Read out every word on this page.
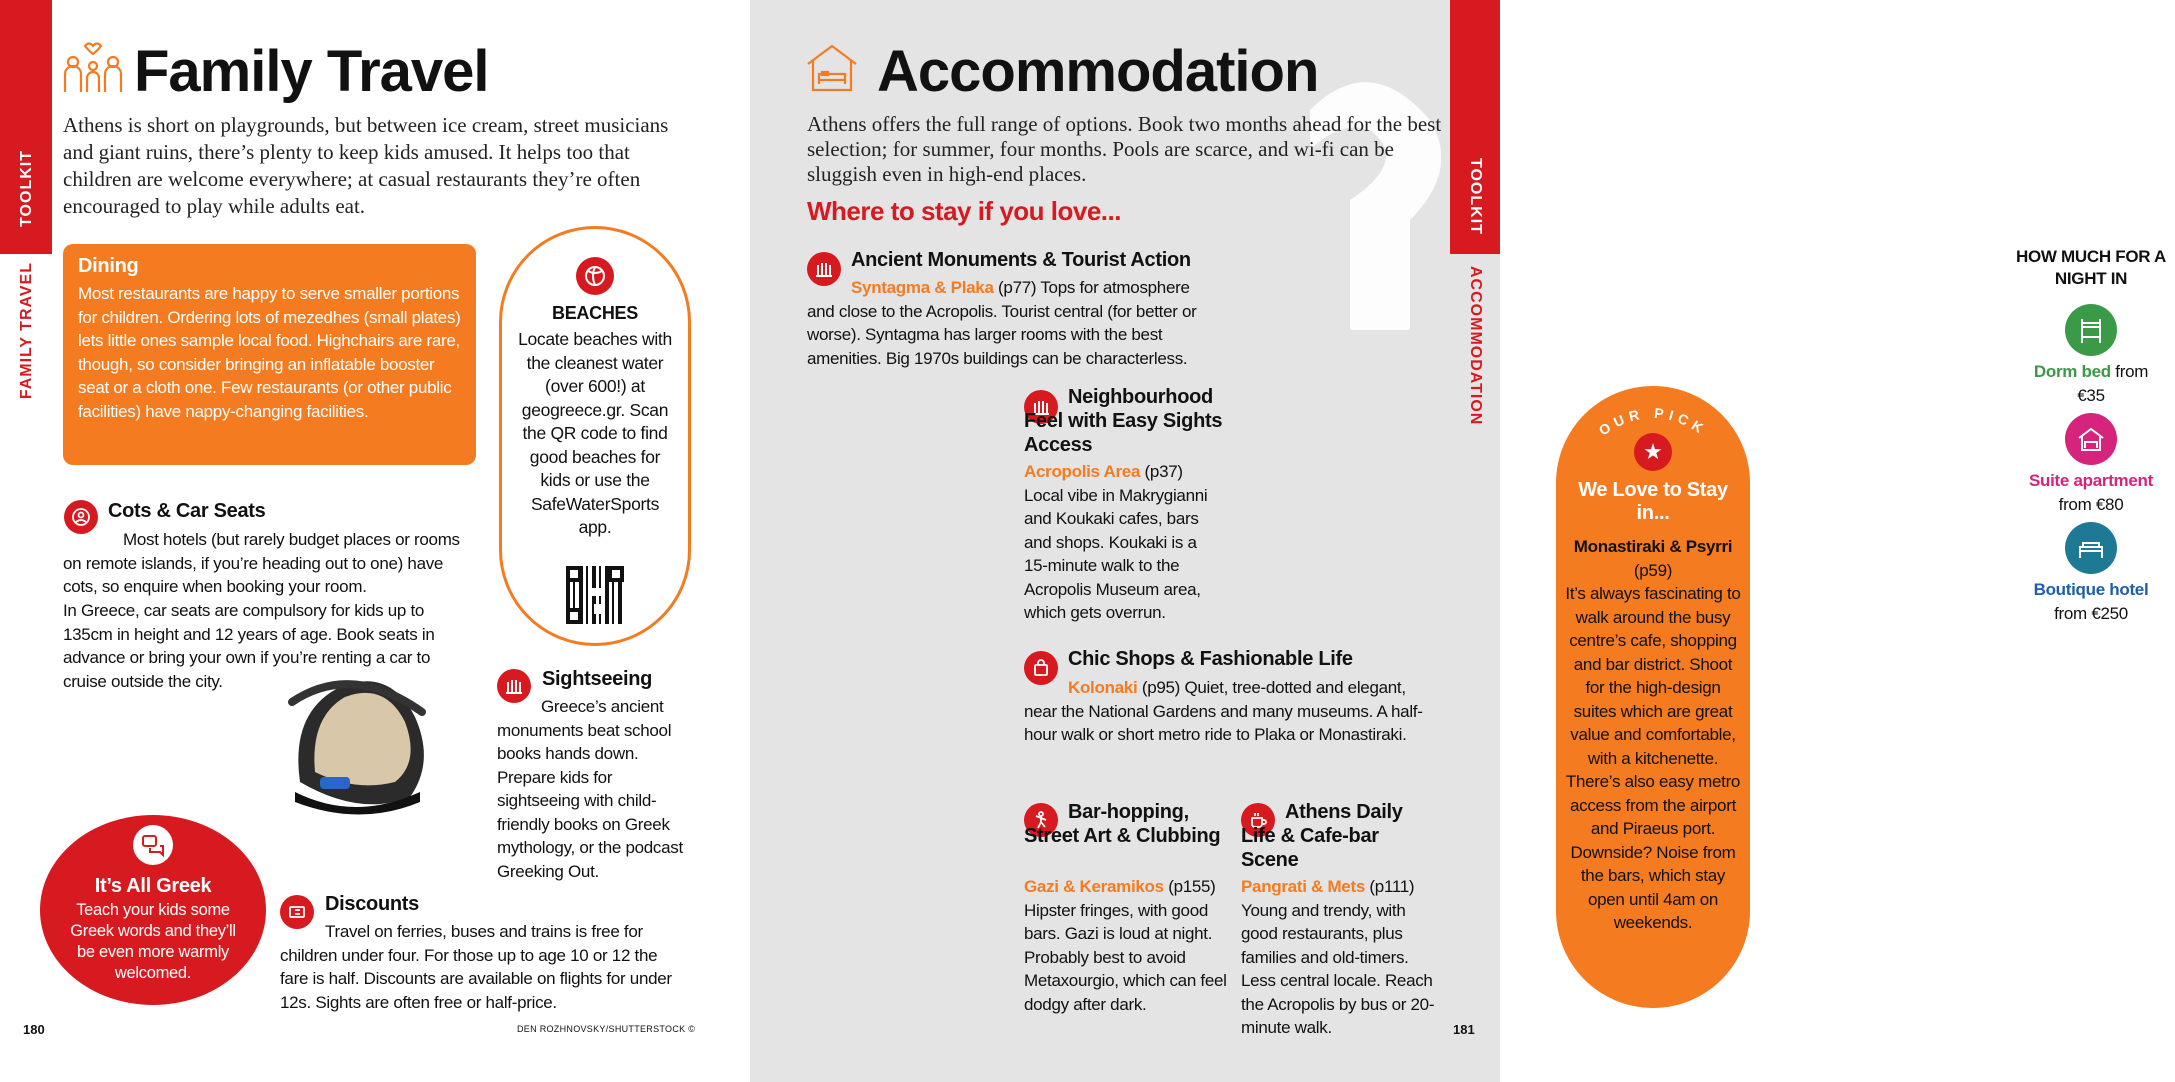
TOOLKIT
FAMILY TRAVEL
Family Travel

Athens is short on playgrounds, but between ice cream, street musicians and giant ruins, there’s plenty to keep kids amused. It helps too that children are welcome everywhere; at casual restaurants they’re often encouraged to play while adults eat.

Dining

Most restaurants are happy to serve smaller portions for children. Ordering lots of mezedhes (small plates) lets little ones sample local food. Highchairs are rare, though, so consider bringing an inflatable booster seat or a cloth one. Few restaurants (or other public facilities) have nappy-changing facilities.

BEACHES

Locate beaches with the cleanest water (over 600!) at geogreece.gr. Scan the QR code to find good beaches for kids or use the SafeWaterSports app.

Cots & Car Seats

Most hotels (but rarely budget places or rooms on remote islands, if you’re heading out to one) have cots, so enquire when booking your room.

In Greece, car seats are compulsory for kids up to 135cm in height and 12 years of age. Book seats in advance or bring your own if you’re renting a car to cruise outside the city.	Sightseeing

Greece’s ancient monuments beat school books hands down. Prepare kids for sightseeing with child-friendly books on Greek mythology, or the podcast Greeking Out.

It’s All Greek

Teach your kids some Greek words and they’ll be even more warmly welcomed.

Discounts

Travel on ferries, buses and trains is free for children under four. For those up to age 10 or 12 the fare is half. Discounts are available on flights for under 12s. Sights are often free or half-price.

180	DEN ROZHNOVSKY/SHUTTERSTOCK ©
TOOLKIT
ACCOMMODATION
Accommodation

Athens offers the full range of options. Book two months ahead for the best selection; for summer, four months. Pools are scarce, and wi-fi can be sluggish even in high-end places.

Where to stay if you love...
Ancient Monuments & Tourist Action

Syntagma & Plaka (p77) Tops for atmosphere and close to the Acropolis. Tourist central (for better or worse). Syntagma has larger rooms with the best amenities. Big 1970s buildings can be characterless.

OUR PICK
★
We Love to Stay in...

Monastiraki & Psyrri
(p59)
It’s always fascinating to walk around the busy centre’s cafe, shopping and bar district. Shoot for the high-design suites which are great value and comfortable, with a kitchenette. There’s also easy metro access from the airport and Piraeus port. Downside? Noise from the bars, which stay open until 4am on weekends.

Neighbourhood Feel with Easy Sights Access

Acropolis Area (p37) Local vibe in Makrygianni and Koukaki cafes, bars and shops. Koukaki is a 15-minute walk to the Acropolis Museum area, which gets overrun.

HOW MUCH FOR A NIGHT IN

Dorm bed from
€35

Suite apartment
from €80

Boutique hotel
from €250

Chic Shops & Fashionable Life

Kolonaki (p95) Quiet, tree-dotted and elegant, near the National Gardens and many museums. A half-hour walk or short metro ride to Plaka or Monastiraki.

Bar-hopping, Street Art & Clubbing

Gazi & Keramikos (p155) Hipster fringes, with good bars. Gazi is loud at night. Probably best to avoid Metaxourgio, which can feel dodgy after dark.

Athens Daily Life & Cafe-bar Scene

Pangrati & Mets (p111) Young and trendy, with good restaurants, plus families and old-timers. Less central locale. Reach the Acropolis by bus or 20-minute walk.	181
